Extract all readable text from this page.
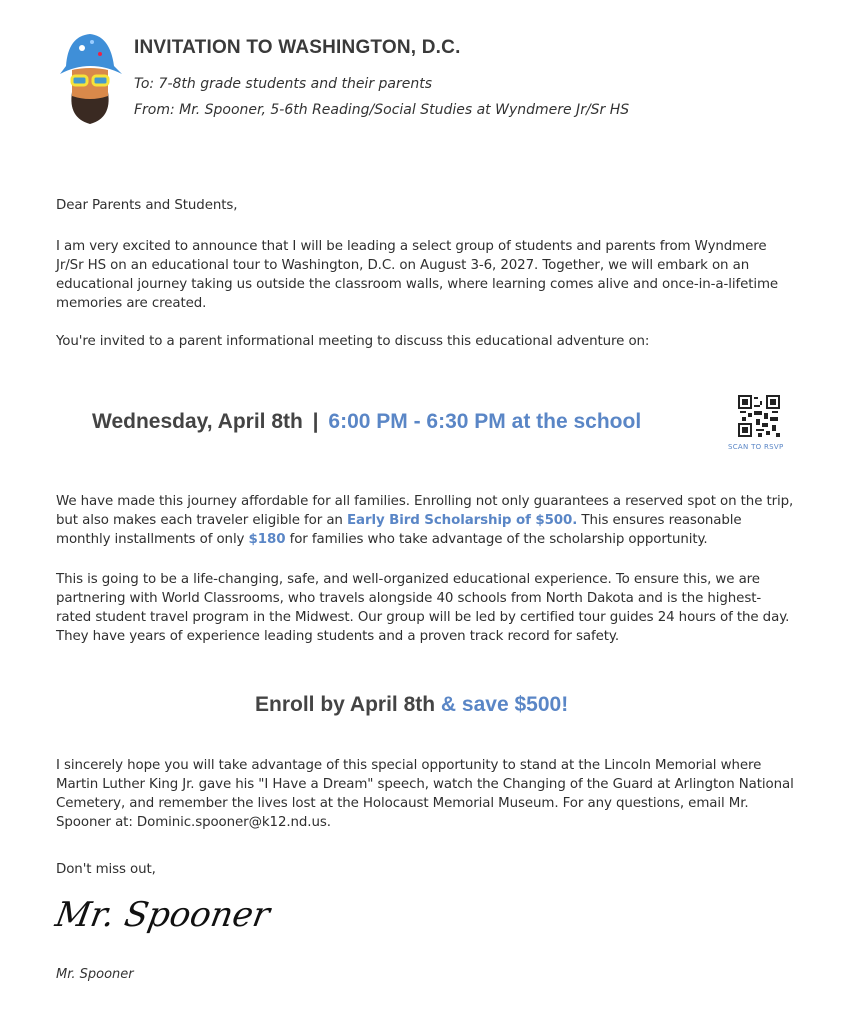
INVITATION TO WASHINGTON, D.C.
To: 7-8th grade students and their parents
From: Mr. Spooner, 5-6th Reading/Social Studies at Wyndmere Jr/Sr HS
Dear Parents and Students,
I am very excited to announce that I will be leading a select group of students and parents from Wyndmere Jr/Sr HS on an educational tour to Washington, D.C. on August 3-6, 2027. Together, we will embark on an educational journey taking us outside the classroom walls, where learning comes alive and once-in-a-lifetime memories are created.
You're invited to a parent informational meeting to discuss this educational adventure on:
Wednesday, April 8th | 6:00 PM - 6:30 PM at the school
SCAN TO RSVP
We have made this journey affordable for all families. Enrolling not only guarantees a reserved spot on the trip, but also makes each traveler eligible for an Early Bird Scholarship of $500. This ensures reasonable monthly installments of only $180 for families who take advantage of the scholarship opportunity.
This is going to be a life-changing, safe, and well-organized educational experience. To ensure this, we are partnering with World Classrooms, who travels alongside 40 schools from North Dakota and is the highest-rated student travel program in the Midwest. Our group will be led by certified tour guides 24 hours of the day. They have years of experience leading students and a proven track record for safety.
Enroll by April 8th & save $500!
I sincerely hope you will take advantage of this special opportunity to stand at the Lincoln Memorial where Martin Luther King Jr. gave his "I Have a Dream" speech, watch the Changing of the Guard at Arlington National Cemetery, and remember the lives lost at the Holocaust Memorial Museum. For any questions, email Mr. Spooner at: Dominic.spooner@k12.nd.us.
Don't miss out,
Mr. Spooner
Mr. Spooner
